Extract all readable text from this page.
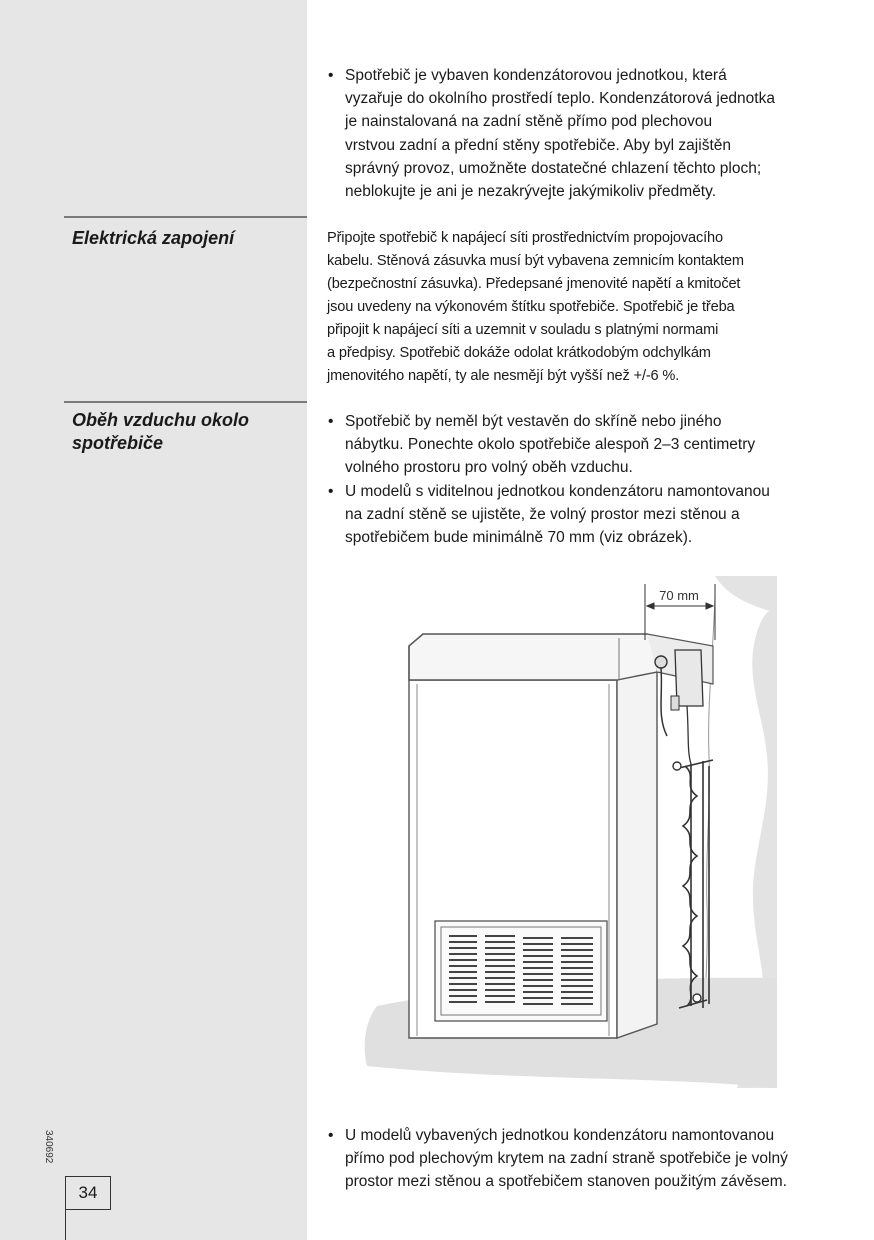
• Spotřebič je vybaven kondenzátorovou jednotkou, která
vyzařuje do okolního prostředí teplo. Kondenzátorová jednotka
je nainstalovaná na zadní stěně přímo pod plechovou
vrstvou zadní a přední stěny spotřebiče. Aby byl zajištěn
správný provoz, umožněte dostatečné chlazení těchto ploch;
neblokujte je ani je nezakrývejte jakýmikoliv předměty.
Elektrická zapojení	Připojte spotřebič k napájecí síti prostřednictvím propojovacího
kabelu. Stěnová zásuvka musí být vybavena zemnicím kontaktem
(bezpečnostní zásuvka). Předepsané jmenovité napětí a kmitočet
jsou uvedeny na výkonovém štítku spotřebiče. Spotřebič je třeba
připojit k napájecí síti a uzemnit v souladu s platnými normami
a předpisy. Spotřebič dokáže odolat krátkodobým odchylkám
jmenovitého napětí, ty ale nesmějí být vyšší než +/-6 %.

Oběh vzduchu okolo spotřebiče
• Spotřebič by neměl být vestavěn do skříně nebo jiného
nábytku. Ponechte okolo spotřebiče alespoň 2–3 centimetry
volného prostoru pro volný oběh vzduchu.
• U modelů s viditelnou jednotkou kondenzátoru namontovanou
na zadní stěně se ujistěte, že volný prostor mezi stěnou a
spotřebičem bude minimálně 70 mm (viz obrázek).
70 mm
• U modelů vybavených jednotkou kondenzátoru namontovanou
přímo pod plechovým krytem na zadní straně spotřebiče je volný
prostor mezi stěnou a spotřebičem stanoven použitým závěsem.
340692
34
